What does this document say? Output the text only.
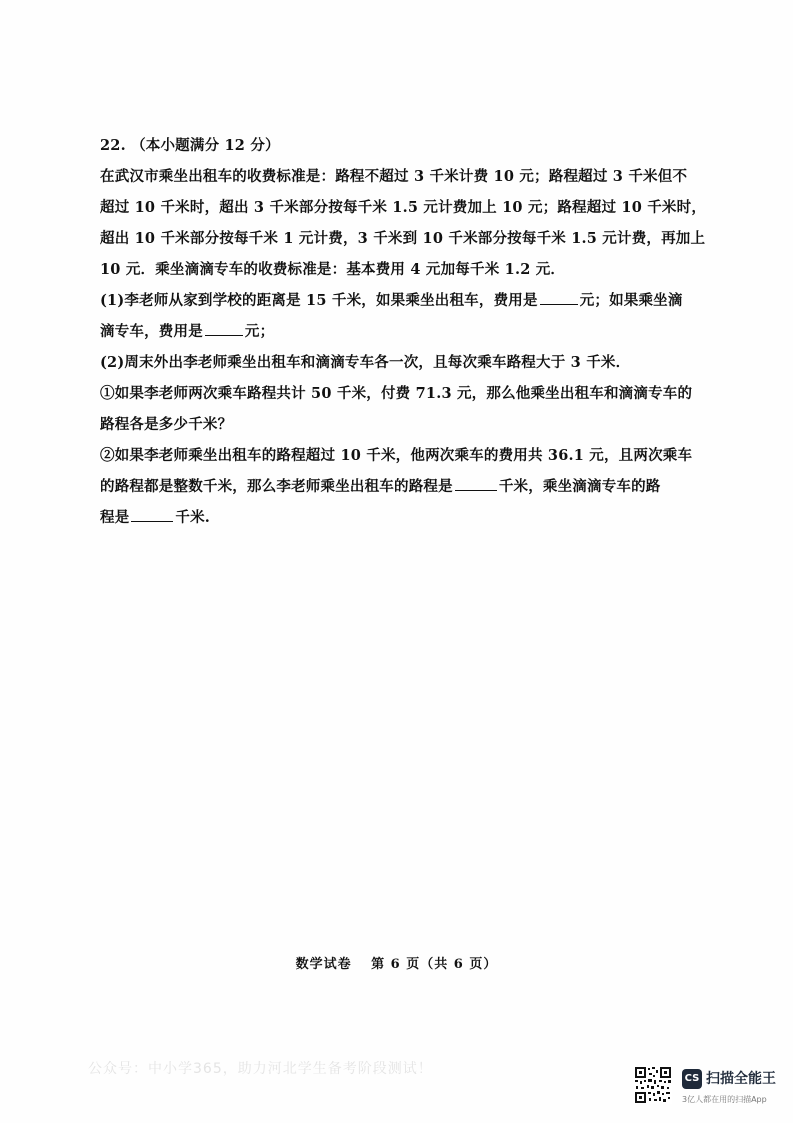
22. （本小题满分 12 分）
在武汉市乘坐出租车的收费标准是：路程不超过 3 千米计费 10 元；路程超过 3 千米但不
超过 10 千米时，超出 3 千米部分按每千米 1.5 元计费加上 10 元；路程超过 10 千米时，
超出 10 千米部分按每千米 1 元计费，3 千米到 10 千米部分按每千米 1.5 元计费，再加上
10 元．乘坐滴滴专车的收费标准是：基本费用 4 元加每千米 1.2 元．
(1)李老师从家到学校的距离是 15 千米，如果乘坐出租车，费用是	元；如果乘坐滴
滴专车，费用是	元；
(2)周末外出李老师乘坐出租车和滴滴专车各一次，且每次乘车路程大于 3 千米．
①如果李老师两次乘车路程共计 50 千米，付费 71.3 元，那么他乘坐出租车和滴滴专车的
路程各是多少千米？
②如果李老师乘坐出租车的路程超过 10 千米，他两次乘车的费用共 36.1 元，且两次乘车
的路程都是整数千米，那么李老师乘坐出租车的路程是	千米，乘坐滴滴专车的路
程是	千米.
数学试卷　 第 6 页（共 6 页）
公众号：中小学365，助力河北学生备考阶段测试！
CS 扫描全能王
3亿人都在用的扫描App
